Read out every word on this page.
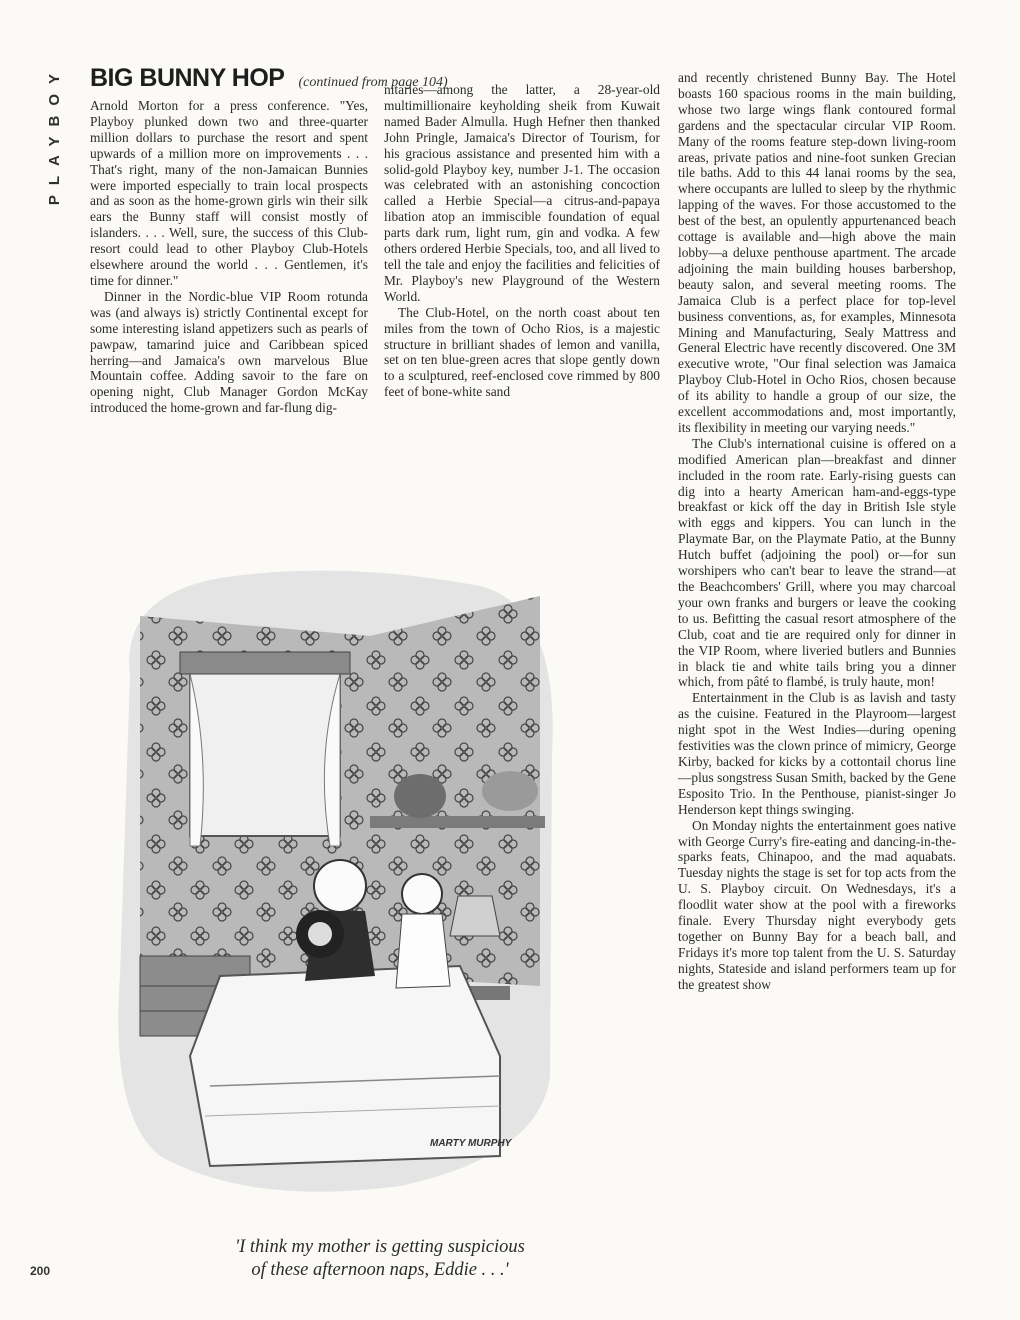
PLAYBOY BIG BUNNY HOP (continued from page 104)

Arnold Morton for a press conference. "Yes, Playboy plunked down two and three-quarter million dollars to purchase the resort and spent upwards of a million more on improvements . . . That's right, many of the non-Jamaican Bunnies were imported especially to train local prospects and as soon as the home-grown girls win their silk ears the Bunny staff will consist mostly of islanders. . . . Well, sure, the success of this Club-resort could lead to other Playboy Club-Hotels elsewhere around the world . . . Gentlemen, it's time for dinner."

Dinner in the Nordic-blue VIP Room rotunda was (and always is) strictly Continental except for some interesting island appetizers such as pearls of pawpaw, tamarind juice and Caribbean spiced herring—and Jamaica's own marvelous Blue Mountain coffee. Adding savoir to the fare on opening night, Club Manager Gordon McKay introduced the home-grown and far-flung dig-

nitaries—among the latter, a 28-year-old multimillionaire keyholding sheik from Kuwait named Bader Almulla. Hugh Hefner then thanked John Pringle, Jamaica's Director of Tourism, for his gracious assistance and presented him with a solid-gold Playboy key, number J-1. The occasion was celebrated with an astonishing concoction called a Herbie Special—a citrus-and-papaya libation atop an immiscible foundation of equal parts dark rum, light rum, gin and vodka. A few others ordered Herbie Specials, too, and all lived to tell the tale and enjoy the facilities and felicities of Mr. Playboy's new Playground of the Western World.

The Club-Hotel, on the north coast about ten miles from the town of Ocho Rios, is a majestic structure in brilliant shades of lemon and vanilla, set on ten blue-green acres that slope gently down to a sculptured, reef-enclosed cove rimmed by 800 feet of bone-white sand

and recently christened Bunny Bay. The Hotel boasts 160 spacious rooms in the main building, whose two large wings flank contoured formal gardens and the spectacular circular VIP Room. Many of the rooms feature step-down living-room areas, private patios and nine-foot sunken Grecian tile baths. Add to this 44 lanai rooms by the sea, where occupants are lulled to sleep by the rhythmic lapping of the waves. For those accustomed to the best of the best, an opulently appurtenanced beach cottage is available and—high above the main lobby—a deluxe penthouse apartment. The arcade adjoining the main building houses barbershop, beauty salon, and several meeting rooms. The Jamaica Club is a perfect place for top-level business conventions, as, for examples, Minnesota Mining and Manufacturing, Sealy Mattress and General Electric have recently discovered. One 3M executive wrote, "Our final selection was Jamaica Playboy Club-Hotel in Ocho Rios, chosen because of its ability to handle a group of our size, the excellent accommodations and, most importantly, its flexibility in meeting our varying needs."

The Club's international cuisine is offered on a modified American plan—breakfast and dinner included in the room rate. Early-rising guests can dig into a hearty American ham-and-eggs-type breakfast or kick off the day in British Isle style with eggs and kippers. You can lunch in the Playmate Bar, on the Playmate Patio, at the Bunny Hutch buffet (adjoining the pool) or—for sun worshipers who can't bear to leave the strand—at the Beachcombers' Grill, where you may charcoal your own franks and burgers or leave the cooking to us. Befitting the casual resort atmosphere of the Club, coat and tie are required only for dinner in the VIP Room, where liveried butlers and Bunnies in black tie and white tails bring you a dinner which, from pâté to flambé, is truly haute, mon!

Entertainment in the Club is as lavish and tasty as the cuisine. Featured in the Playroom—largest night spot in the West Indies—during opening festivities was the clown prince of mimicry, George Kirby, backed for kicks by a cottontail chorus line—plus songstress Susan Smith, backed by the Gene Esposito Trio. In the Penthouse, pianist-singer Jo Henderson kept things swinging.

On Monday nights the entertainment goes native with George Curry's fire-eating and dancing-in-the-sparks feats, Chinapoo, and the mad aquabats. Tuesday nights the stage is set for top acts from the U. S. Playboy circuit. On Wednesdays, it's a floodlit water show at the pool with a fireworks finale. Every Thursday night everybody gets together on Bunny Bay for a beach ball, and Fridays it's more top talent from the U. S. Saturday nights, Stateside and island performers team up for the greatest show

MARTY MURPHY
'I think my mother is getting suspicious
of these afternoon naps, Eddie . . .'
200
